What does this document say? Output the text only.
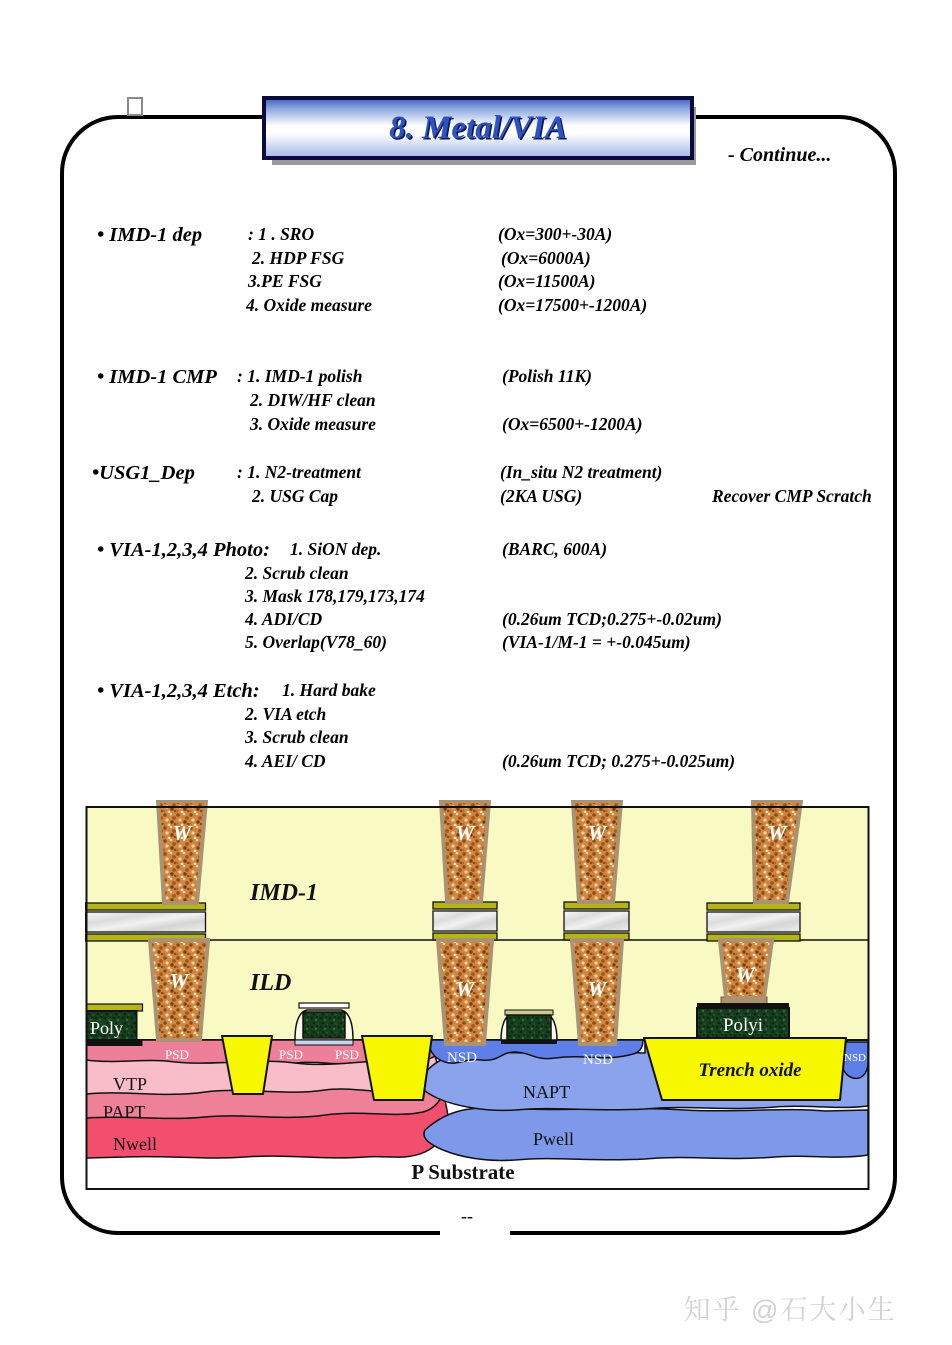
8. Metal/VIA
- Continue...
• IMD-1 dep	: 1 . SRO	(Ox=300+-30A)
2. HDP FSG	(Ox=6000A)
3.PE FSG	(Ox=11500A)
4. Oxide measure	(Ox=17500+-1200A)
• IMD-1 CMP : 1. IMD-1 polish	(Polish 11K)
2. DIW/HF clean
3. Oxide measure	(Ox=6500+-1200A)
•USG1_Dep : 1. N2-treatment	(In_situ N2 treatment)
2. USG Cap	(2KA USG)	Recover CMP Scratch
• VIA-1,2,3,4 Photo: 1. SiON dep.	(BARC, 600A)
2. Scrub clean
3. Mask 178,179,173,174
4. ADI/CD	(0.26um TCD;0.275+-0.02um)
5. Overlap(V78_60)	(VIA-1/M-1 = +-0.045um)
• VIA-1,2,3,4 Etch: 1. Hard bake
2. VIA etch
3. Scrub clean
4. AEI/ CD	(0.26um TCD; 0.275+-0.025um)
W	W	W	W
W	W	W
W
IMD-1
ILD
Poly	Polyi
PSD	PSD PSD	NSD	NSD	NSD
VTP
PAPT
Nwell
NAPT
Pwell
Trench oxide
P Substrate
--
知乎 @石大小生
